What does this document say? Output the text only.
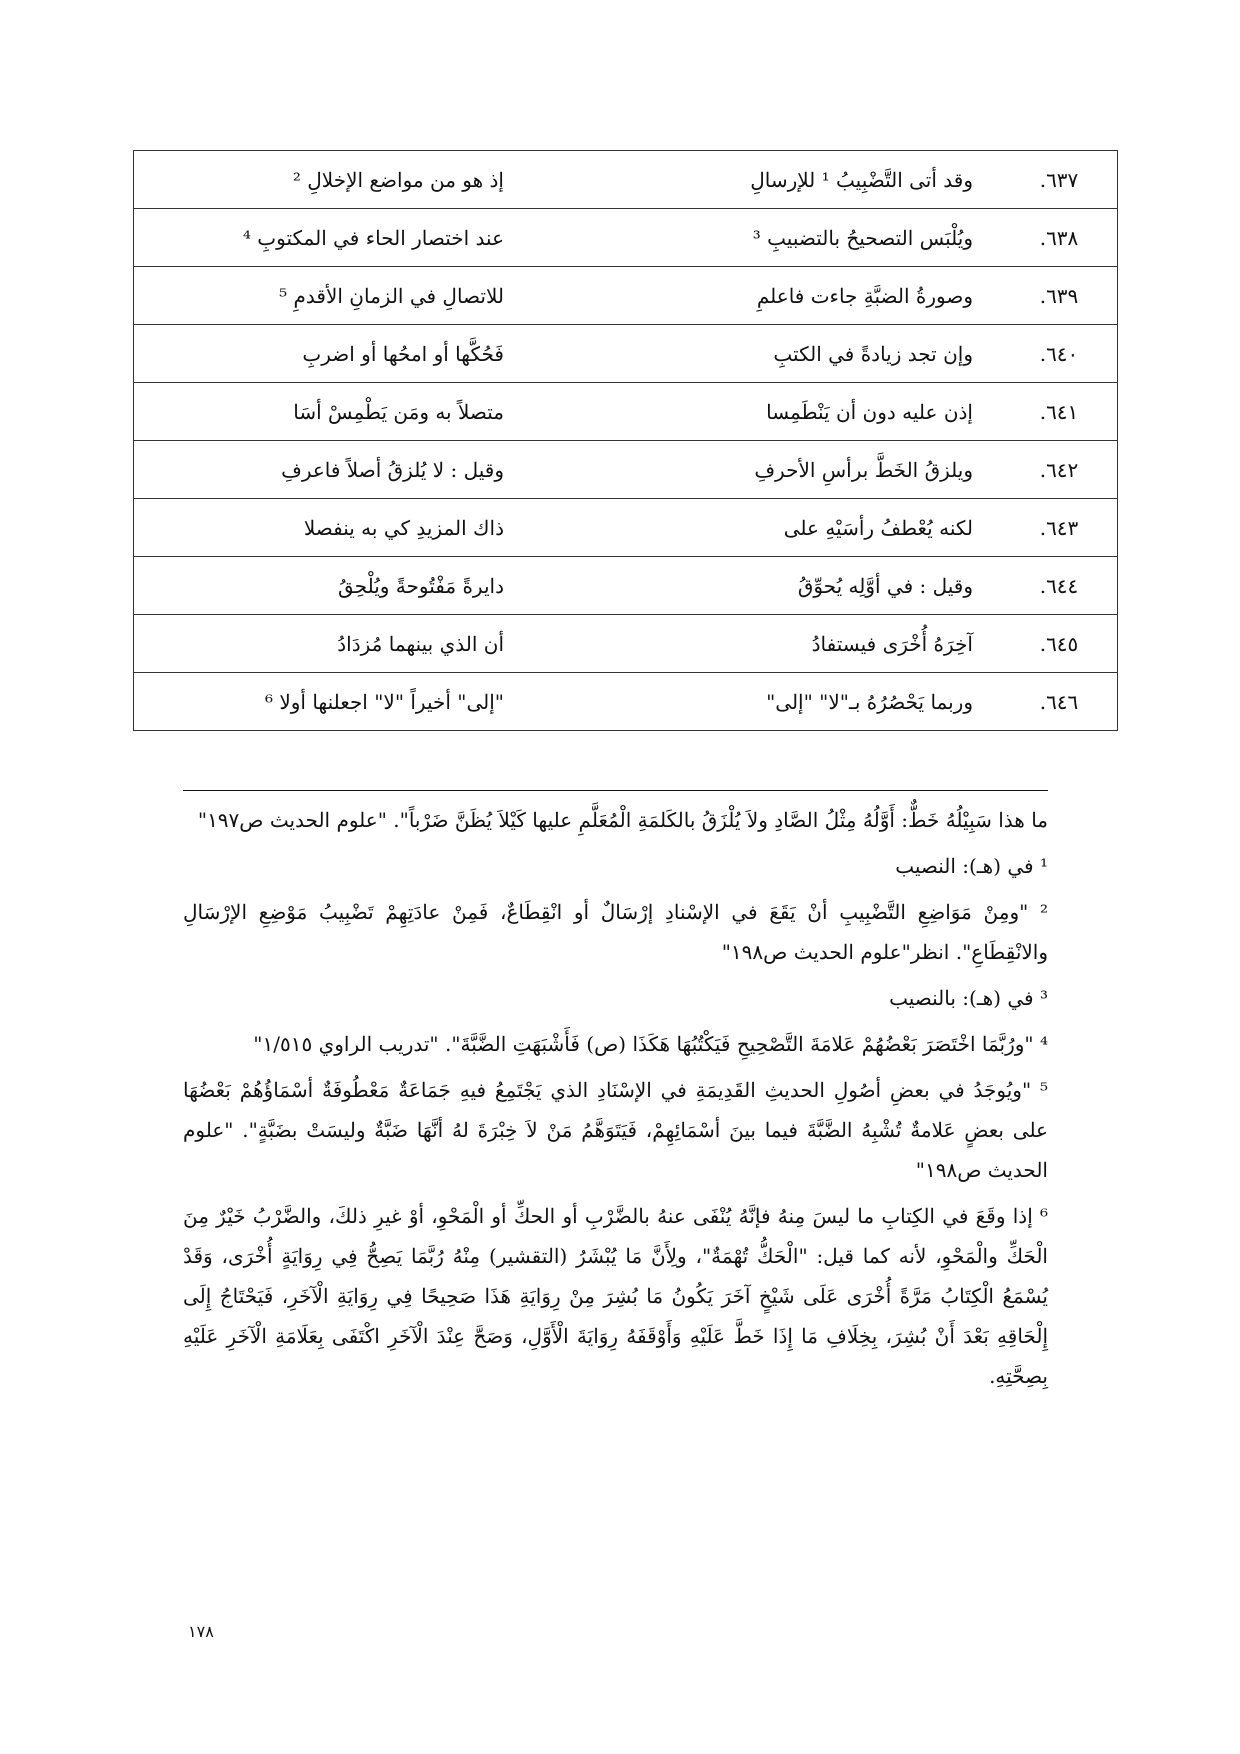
٦٣٧.	وقد أتى التَّضْبِيبُ ¹ للإرسالِ	إذ هو من مواضع الإخلالِ ²
٦٣٨.	ويُلْبَس التصحيحُ بالتضبيبِ ³	عند اختصار الحاء في المكتوبِ ⁴
٦٣٩.	وصورةُ الضبَّةِ جاءت فاعلمِ	للاتصالِ في الزمانِ الأقدمِ ⁵
٦٤٠.	وإن تجد زيادةً في الكتبِ	فَحُكَّها أو امحُها أو اضربِ
٦٤١.	إذن عليه دون أن يَنْطَمِسا	متصلاً به ومَن يَطْمِسْ أسَا
٦٤٢.	ويلزقُ الخَطَّ برأسِ الأحرفِ	وقيل : لا يُلزقُ أصلاً فاعرفِ
٦٤٣.	لكنه يُعْطفُ رأسَيْهِ على	ذاك المزيدِ كي به ينفصلا
٦٤٤.	وقيل : في أوَّلِه يُحوِّقُ	دايرةً مَفْتُوحةً ويُلْحِقُ
٦٤٥.	آخِرَهُ أُخْرَى فيستفادُ	أن الذي بينهما مُزدَادُ
٦٤٦.	وربما يَحْصُرُهُ بـ"لا" "إلى"	"إلى" أخيراً "لا" اجعلنها أولا ⁶

ما هذا سَبِيْلُهُ خَطٌّ: أَوَّلُهُ مِثْلُ الصَّادِ ولاَ يُلْزَقُ بالكَلمَةِ الْمُعَلَّمِ عليها كَيْلاَ يُظَنَّ ضَرْباً". "علوم الحديث ص١٩٧"

¹ في (هـ): النصيب

² "ومِنْ مَوَاضِعِ التَّضْبِيبِ أنْ يَقَعَ في الإسْنادِ إرْسَالٌ أو انْقِطَاعٌ، فَمِنْ عادَتِهِمْ تَضْبِيبُ مَوْضِعِ الإرْسَالِ والانْقِطَاعِ". انظر"علوم الحديث ص١٩٨"

³ في (هـ): بالنصيب

⁴ "ورُبَّمَا اخْتَصَرَ بَعْضُهُمْ عَلامَةَ التَّصْحِيحِ فَيَكْتُبُهَا هَكَذَا (ص) فَأَشْبَهَتِ الضَّبَّةَ". "تدريب الراوي ١/٥١٥"

⁵ "ويُوجَدُ في بعضِ أصُولِ الحديثِ القَدِيمَةِ في الإسْنَادِ الذي يَجْتَمِعُ فيهِ جَمَاعَةٌ مَعْطُوفَةٌ أسْمَاؤُهُمْ بَعْضُهَا على بعضٍ عَلامةٌ تُشْبِهُ الضَّبَّةَ فيما بينَ أسْمَائِهِمْ، فَيَتَوَهَّمُ مَنْ لاَ خِبْرَةَ لهُ أنَّهَا ضَبَّةٌ وليسَتْ بضَبَّةٍ". "علوم الحديث ص١٩٨"

⁶ إذا وقَعَ في الكِتابِ ما ليسَ مِنهُ فإنَّهُ يُنْفَى عنهُ بالضَّرْبِ أو الحكِّ أو الْمَحْوِ، أوْ غيرِ ذلكَ، والضَّرْبُ خَيْرٌ مِنَ الْحَكِّ والْمَحْوِ، لأنه كما قيل: "الْحَكُّ تُهْمَةٌ"، ولِأَنَّ مَا يُبْشَرُ (التقشير) مِنْهُ رُبَّمَا يَصِحُّ فِي رِوَايَةٍ أُخْرَى، وَقَدْ يُسْمَعُ الْكِتَابُ مَرَّةً أُخْرَى عَلَى شَيْخٍ آخَرَ يَكُونُ مَا بُشِرَ مِنْ رِوَايَةِ هَذَا صَحِيحًا فِي رِوَايَةِ الْآخَرِ، فَيَحْتَاجُ إِلَى إِلْحَاقِهِ بَعْدَ أَنْ بُشِرَ، بِخِلَافِ مَا إِذَا خَطَّ عَلَيْهِ وَأَوْقَفَهُ رِوَايَةَ الْأَوَّلِ، وَصَحَّ عِنْدَ الْآخَرِ اكْتَفَى بِعَلَامَةِ الْآخَرِ عَلَيْهِ بِصِحَّتِهِ.

١٧٨
